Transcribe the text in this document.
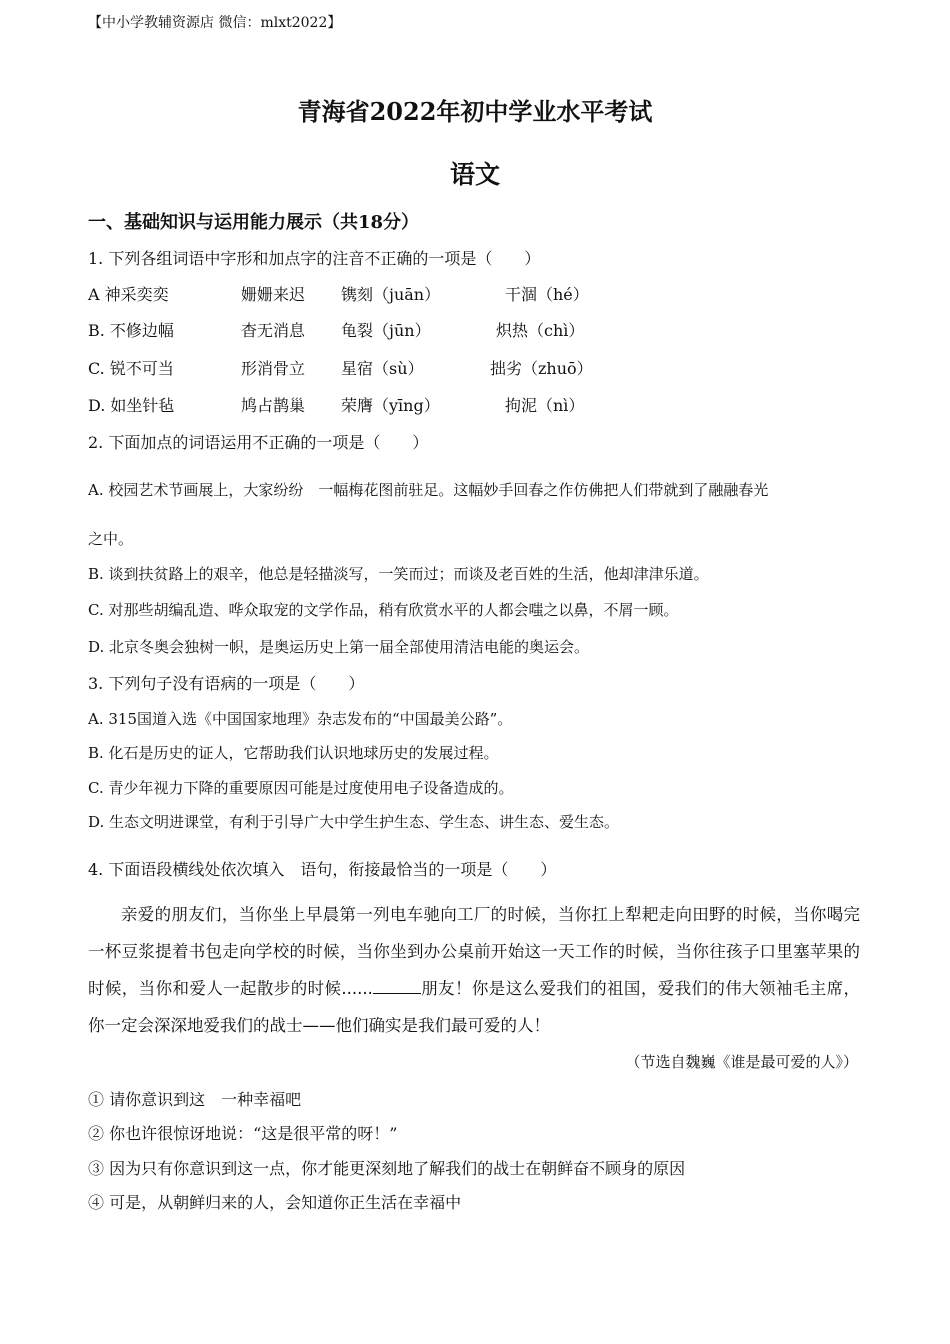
【中小学教辅资源店 微信：mlxt2022】
青海省2022年初中学业水平考试
语文
一、基础知识与运用能力展示（共18分）
1. 下列各组词语中字形和加点字的注音不正确的一项是（　　）
A 神采奕奕	姗姗来迟 镌刻（juān）	干涸（hé）
B. 不修边幅	杳无消息 龟裂（jūn）	炽热（chì）
C. 锐不可当	形消骨立 星宿（sù）	拙劣（zhuō）
D. 如坐针毡	鸠占鹊巢 荣膺（yīng）	拘泥（nì）
2. 下面加点的词语运用不正确的一项是（　　）
A. 校园艺术节画展上，大家纷纷　一幅梅花图前驻足。这幅妙手回春之作仿佛把人们带就到了融融春光
之中。
B. 谈到扶贫路上的艰辛，他总是轻描淡写，一笑而过；而谈及老百姓的生活，他却津津乐道。
C. 对那些胡编乱造、哗众取宠的文学作品，稍有欣赏水平的人都会嗤之以鼻，不屑一顾。
D. 北京冬奥会独树一帜，是奥运历史上第一届全部使用清洁电能的奥运会。
3. 下列句子没有语病的一项是（　　）
A. 315国道入选《中国国家地理》杂志发布的“中国最美公路”。
B. 化石是历史的证人，它帮助我们认识地球历史的发展过程。
C. 青少年视力下降的重要原因可能是过度使用电子设备造成的。
D. 生态文明进课堂，有利于引导广大中学生护生态、学生态、讲生态、爱生态。
4. 下面语段横线处依次填入　语句，衔接最恰当的一项是（　　）

亲爱的朋友们，当你坐上早晨第一列电车驰向工厂的时候，当你扛上犁耙走向田野的时候，当你喝完一杯豆浆提着书包走向学校的时候，当你坐到办公桌前开始这一天工作的时候，当你往孩子口里塞苹果的时候，当你和爱人一起散步的时候......	朋友！你是这么爱我们的祖国，爱我们的伟大领袖毛主席，你一定会深深地爱我们的战士——他们确实是我们最可爱的人！

（节选自魏巍《谁是最可爱的人》）
① 请你意识到这　一种幸福吧
② 你也许很惊讶地说：“这是很平常的呀！”
③ 因为只有你意识到这一点，你才能更深刻地了解我们的战士在朝鲜奋不顾身的原因
④ 可是，从朝鲜归来的人，会知道你正生活在幸福中
